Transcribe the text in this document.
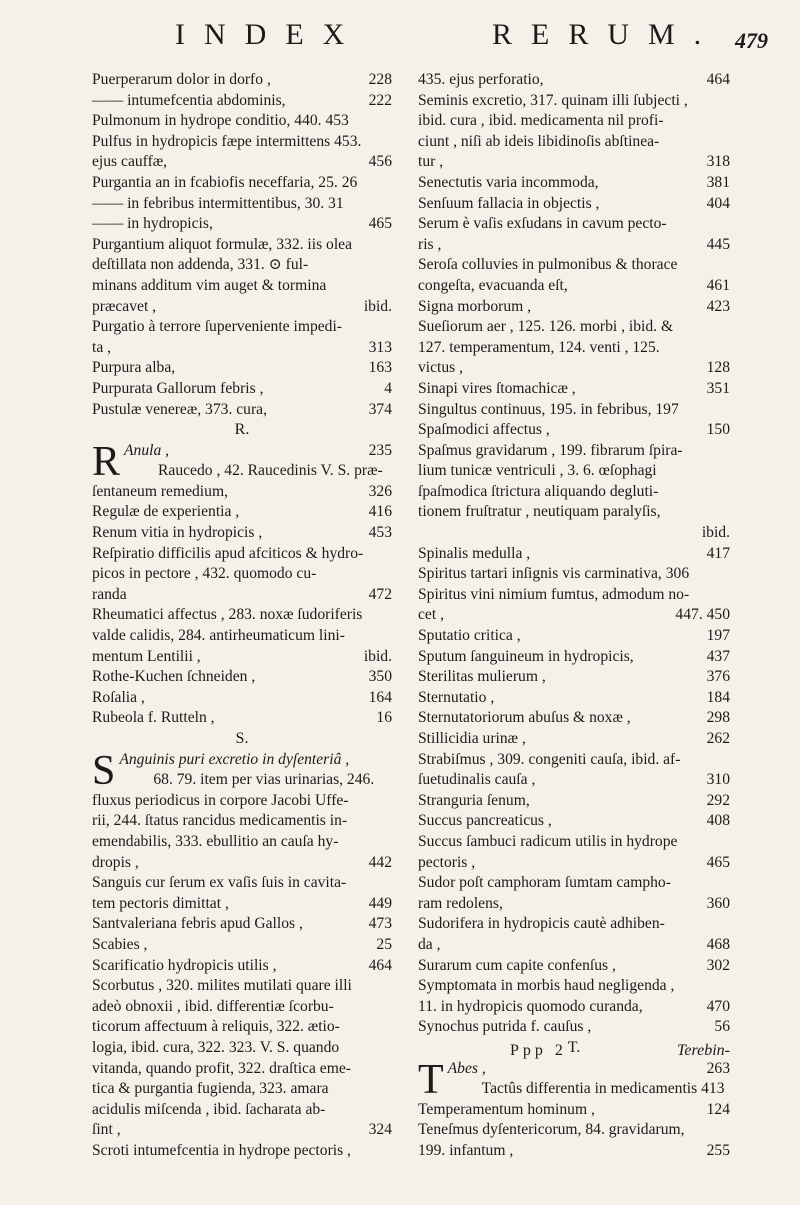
INDEX	RERUM. 479
Puerperarum dolor in dorfo ,	228
—— intumefcentia abdominis,	222
Pulmonum in hydrope conditio, 440. 453
Pulfus in hydropicis fæpe intermittens 453.
ejus cauffæ,	456
Purgantia an in fcabiofis neceffaria, 25. 26
—— in febribus intermittentibus, 30. 31
—— in hydropicis,	465
Purgantium aliquot formulæ, 332. iis olea
deſtillata non addenda, 331. ⊙ ful-
minans additum vim auget & tormina
præcavet ,	ibid.
Purgatio à terrore ſuperveniente impedi-
ta ,	313
Purpura alba,	163
Purpurata Gallorum febris ,	4
Pustulæ venereæ, 373. cura,	374
R.
R Anula ,	235
Raucedo , 42. Raucedinis V. S. præ-
ſentaneum remedium,	326
Regulæ de experientia ,	416
Renum vitia in hydropicis ,	453
Reſpiratio difficilis apud afciticos & hydro-
picos in pectore , 432. quomodo cu-
randa	472
Rheumatici affectus , 283. noxæ ſudoriferis
valde calidis, 284. antirheumaticum lini-
mentum Lentilii ,	ibid.
Rothe-Kuchen ſchneiden ,	350
Roſalia ,	164
Rubeola f. Rutteln ,	16
S.
S Anguinis puri excretio in dyſenteriâ ,
68. 79. item per vias urinarias, 246.
fluxus periodicus in corpore Jacobi Uffe-
rii, 244. ſtatus rancidus medicamentis in-
emendabilis, 333. ebullitio an cauſa hy-
dropis ,	442
Sanguis cur ſerum ex vaſis ſuis in cavita-
tem pectoris dimittat ,	449
Santvaleriana febris apud Gallos ,	473
Scabies ,	25
Scarificatio hydropicis utilis ,	464
Scorbutus , 320. milites mutilati quare illi
adeò obnoxii , ibid. differentiæ ſcorbu-
ticorum affectuum à reliquis, 322. ætio-
logia, ibid. cura, 322. 323. V. S. quando
vitanda, quando profit, 322. draſtica eme-
tica & purgantia fugienda, 323. amara
acidulis miſcenda , ibid. ſacharata ab-
ſint ,	324
Scroti intumefcentia in hydrope pectoris ,
435. ejus perforatio,	464
Seminis excretio, 317. quinam illi ſubjecti ,
ibid. cura , ibid. medicamenta nil profi-
ciunt , niſi ab ideis libidinoſis abſtinea-
tur ,	318
Senectutis varia incommoda,	381
Senſuum fallacia in objectis ,	404
Serum è vaſis exſudans in cavum pecto-
ris ,	445
Seroſa colluvies in pulmonibus & thorace
congeſta, evacuanda eſt,	461
Signa morborum ,	423
Sueſiorum aer , 125. 126. morbi , ibid. &
127. temperamentum, 124. venti , 125.
victus ,	128
Sinapi vires ſtomachicæ ,	351
Singultus continuus, 195. in febribus, 197
Spaſmodici affectus ,	150
Spaſmus gravidarum , 199. fibrarum ſpira-
lium tunicæ ventriculi , 3. 6. œſophagi
ſpaſmodica ſtrictura aliquando degluti-
tionem fruſtratur , neutiquam paralyſis,
ibid.
Spinalis medulla ,	417
Spiritus tartari inſignis vis carminativa, 306
Spiritus vini nimium fumtus, admodum no-
cet ,	447. 450
Sputatio critica ,	197
Sputum ſanguineum in hydropicis,	437
Sterilitas mulierum ,	376
Sternutatio ,	184
Sternutatoriorum abuſus & noxæ ,	298
Stillicidia urinæ ,	262
Strabiſmus , 309. congeniti cauſa, ibid. af-
ſuetudinalis cauſa ,	310
Stranguria ſenum,	292
Succus pancreaticus ,	408
Succus ſambuci radicum utilis in hydrope
pectoris ,	465
Sudor poſt camphoram ſumtam campho-
ram redolens,	360
Sudorifera in hydropicis cautè adhiben-
da ,	468
Surarum cum capite confenſus ,	302
Symptomata in morbis haud negligenda ,
11. in hydropicis quomodo curanda,	470
Synochus putrida f. cauſus ,	56
T.
T Abes ,	263
Tactûs differentia in medicamentis 413
Temperamentum hominum ,	124
Teneſmus dyſentericorum, 84. gravidarum,
199. infantum ,	255
Ppp 2	Terebin-
